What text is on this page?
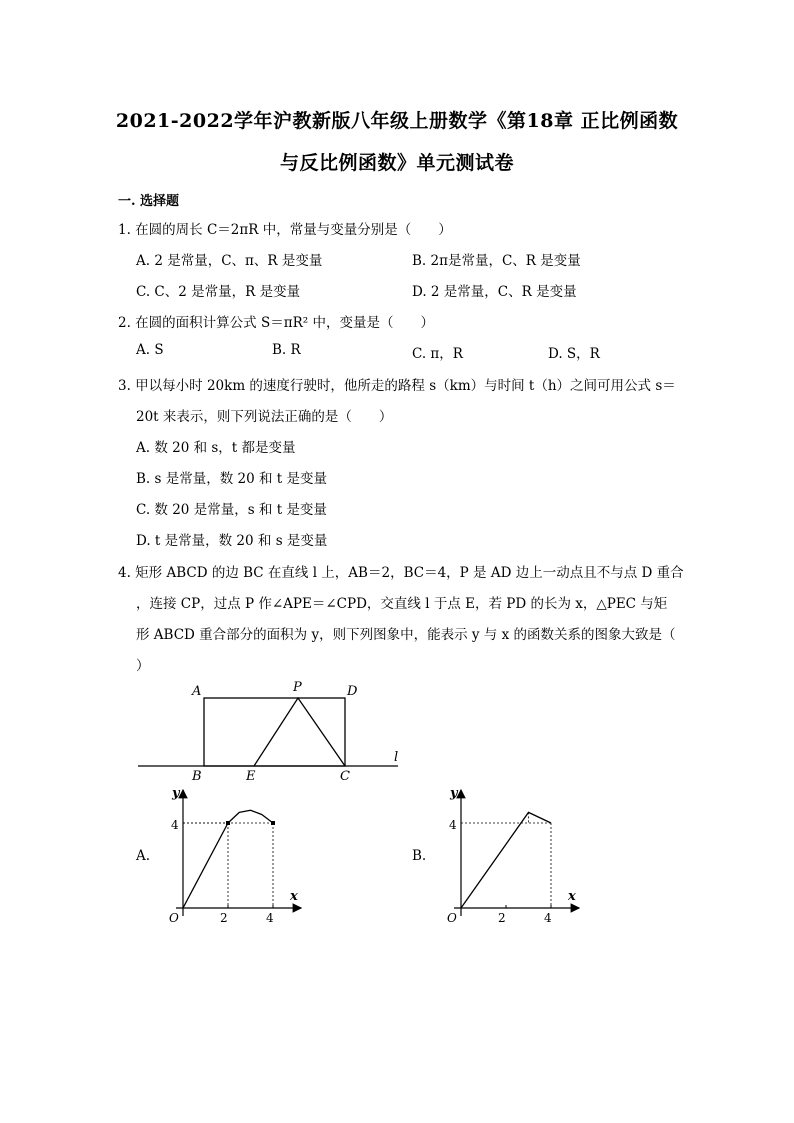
2021-2022学年沪教新版八年级上册数学《第18章 正比例函数
与反比例函数》单元测试卷
一. 选择题
1. 在圆的周长 C＝2πR 中，常量与变量分别是（　　）
A. 2 是常量，C、π、R 是变量	B. 2π是常量，C、R 是变量
C. C、2 是常量，R 是变量	D. 2 是常量，C、R 是变量
2. 在圆的面积计算公式 S＝πR² 中，变量是（　　）
A. S	B. R	C. π，R	D. S，R
3. 甲以每小时 20km 的速度行驶时，他所走的路程 s（km）与时间 t（h）之间可用公式 s＝
20t 来表示，则下列说法正确的是（　　）
A. 数 20 和 s，t 都是变量
B. s 是常量，数 20 和 t 是变量
C. 数 20 是常量，s 和 t 是变量
D. t 是常量，数 20 和 s 是变量
4. 矩形 ABCD 的边 BC 在直线 l 上，AB＝2，BC＝4，P 是 AD 边上一动点且不与点 D 重合
，连接 CP，过点 P 作∠APE＝∠CPD，交直线 l 于点 E，若 PD 的长为 x，△PEC 与矩
形 ABCD 重合部分的面积为 y，则下列图象中，能表示 y 与 x 的函数关系的图象大致是（
）
A	P	D
B	E	C
l
A.
y
x
O
4
2	4
B.
y
x
O
4
2	4
